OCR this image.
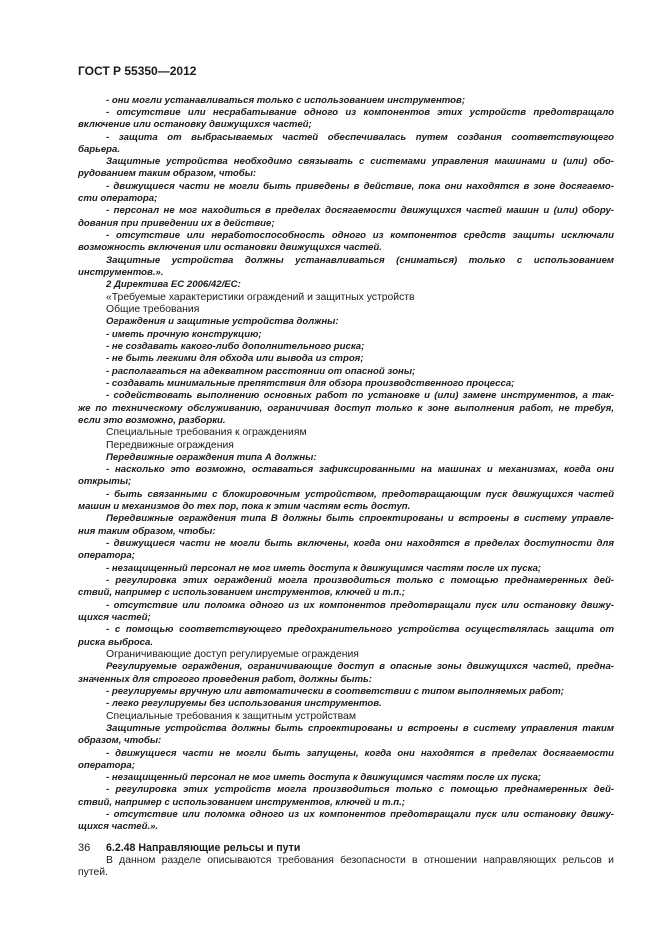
ГОСТ Р 55350—2012
- они могли устанавливаться только с использованием инструментов;
- отсутствие или несрабатывание одного из компонентов этих устройств предотвращало
включение или остановку движущихся частей;
- защита от выбрасываемых частей обеспечивалась путем создания соответствующего
барьера.
Защитные устройства необходимо связывать с системами управления машинами и (или) обо-
рудованием таким образом, чтобы:
- движущиеся части не могли быть приведены в действие, пока они находятся в зоне досягаемо-
сти оператора;
- персонал не мог находиться в пределах досягаемости движущихся частей машин и (или) обору-
дования при приведении их в действие;
- отсутствие или неработоспособность одного из компонентов средств защиты исключали
возможность включения или остановки движущихся частей.
Защитные устройства должны устанавливаться (сниматься) только с использованием
инструментов.».
2 Директива ЕС 2006/42/ЕС:
«Требуемые характеристики ограждений и защитных устройств
Общие требования
Ограждения и защитные устройства должны:
- иметь прочную конструкцию;
- не создавать какого-либо дополнительного риска;
- не быть легкими для обхода или вывода из строя;
- располагаться на адекватном расстоянии от опасной зоны;
- создавать минимальные препятствия для обзора производственного процесса;
- содействовать выполнению основных работ по установке и (или) замене инструментов, а так-
же по техническому обслуживанию, ограничивая доступ только к зоне выполнения работ, не требуя,
если это возможно, разборки.
Специальные требования к ограждениям
Передвижные ограждения
Передвижные ограждения типа А должны:
- насколько это возможно, оставаться зафиксированными на машинах и механизмах, когда они
открыты;
- быть связанными с блокировочным устройством, предотвращающим пуск движущихся частей
машин и механизмов до тех пор, пока к этим частям есть доступ.
Передвижные ограждения типа В должны быть спроектированы и встроены в систему управле-
ния таким образом, чтобы:
- движущиеся части не могли быть включены, когда они находятся в пределах доступности для
оператора;
- незащищенный персонал не мог иметь доступа к движущимся частям после их пуска;
- регулировка этих ограждений могла производиться только с помощью преднамеренных дей-
ствий, например с использованием инструментов, ключей и т.п.;
- отсутствие или поломка одного из их компонентов предотвращали пуск или остановку движу-
щихся частей;
- с помощью соответствующего предохранительного устройства осуществлялась защита от
риска выброса.
Ограничивающие доступ регулируемые ограждения
Регулируемые ограждения, ограничивающие доступ в опасные зоны движущихся частей, предна-
значенных для строгого проведения работ, должны быть:
- регулируемы вручную или автоматически в соответствии с типом выполняемых работ;
- легко регулируемы без использования инструментов.
Специальные требования к защитным устройствам
Защитные устройства должны быть спроектированы и встроены в систему управления таким
образом, чтобы:
- движущиеся части не могли быть запущены, когда они находятся в пределах досягаемости
оператора;
- незащищенный персонал не мог иметь доступа к движущимся частям после их пуска;
- регулировка этих устройств могла производиться только с помощью преднамеренных дей-
ствий, например с использованием инструментов, ключей и т.п.;
- отсутствие или поломка одного из их компонентов предотвращали пуск или остановку движу-
щихся частей.».
6.2.48 Направляющие рельсы и пути
В данном разделе описываются требования безопасности в отношении направляющих рельсов и
путей.
36
